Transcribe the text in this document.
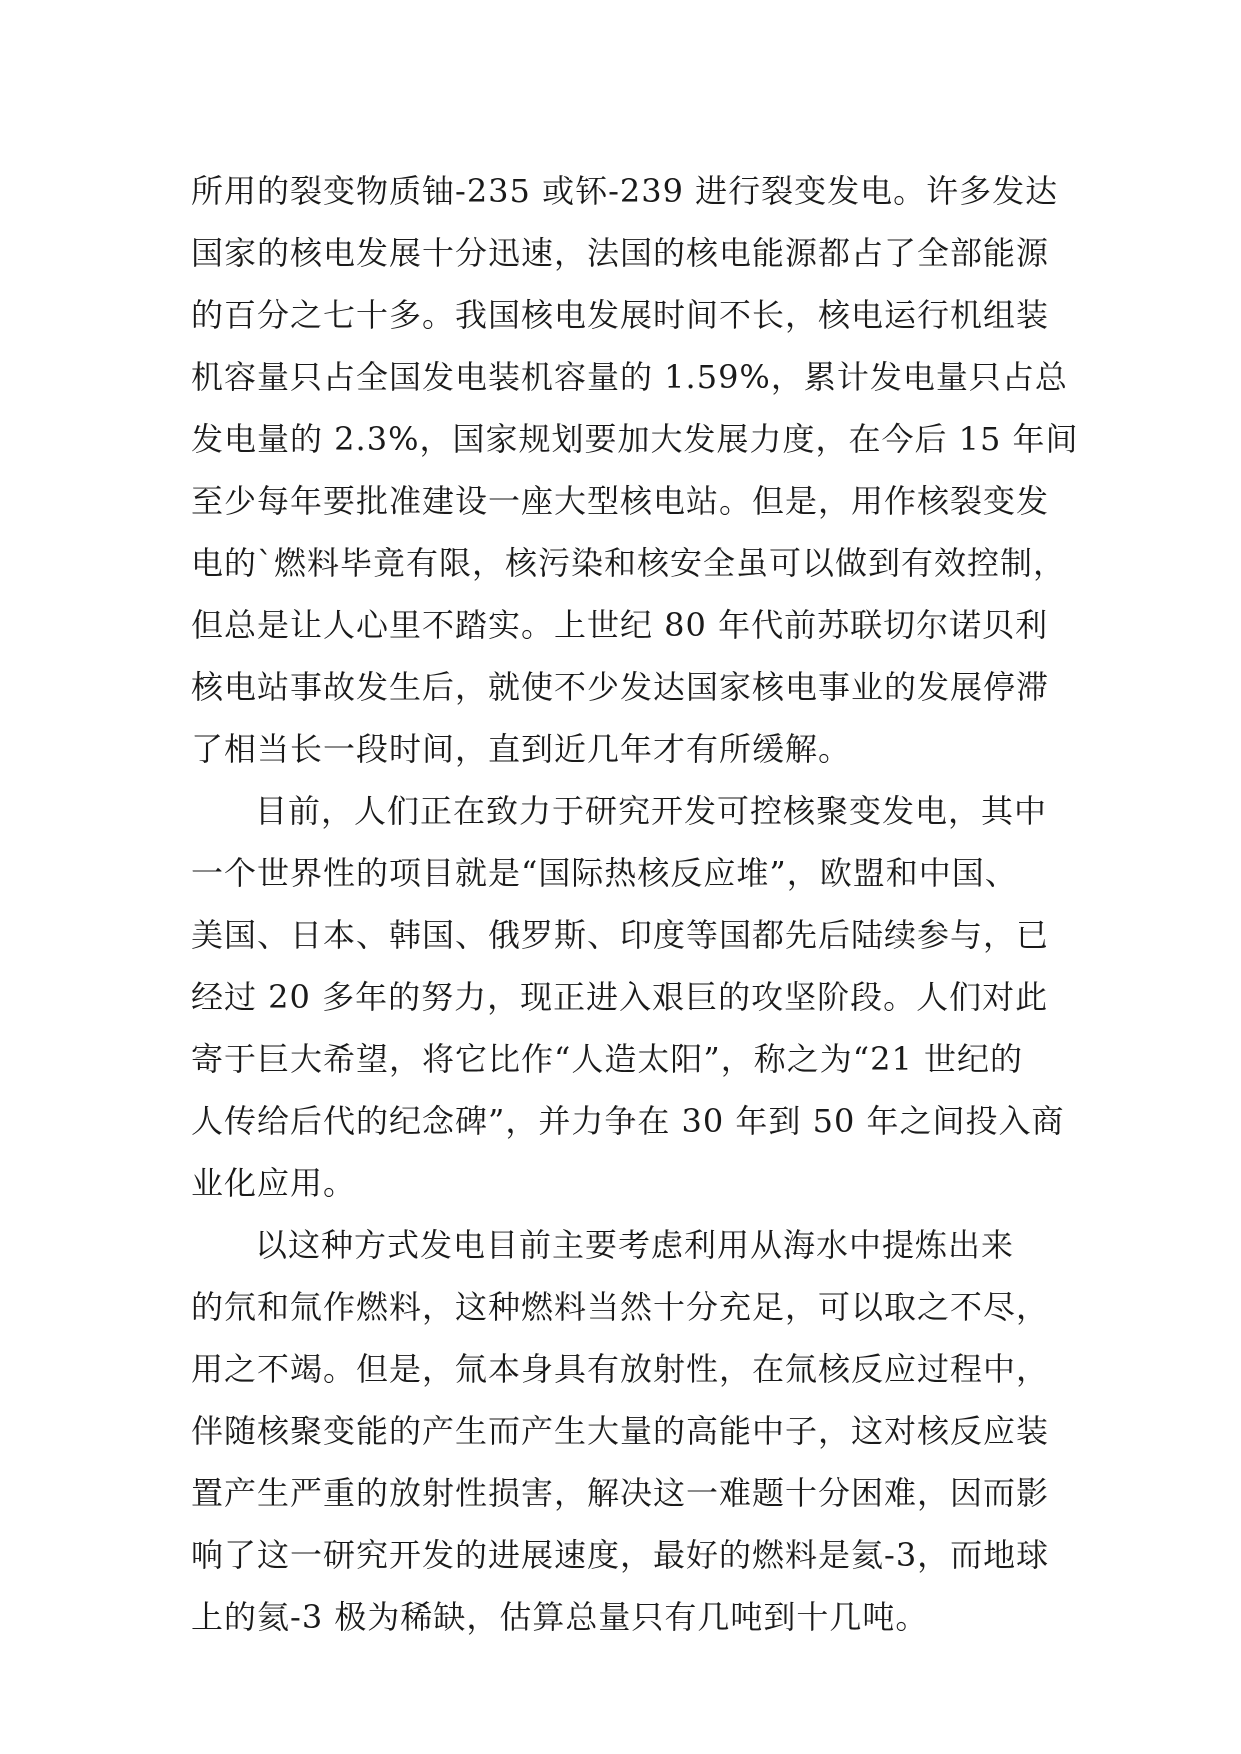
所用的裂变物质铀-235 或钚-239 进行裂变发电。许多发达
国家的核电发展十分迅速，法国的核电能源都占了全部能源
的百分之七十多。我国核电发展时间不长，核电运行机组装
机容量只占全国发电装机容量的 1.59%，累计发电量只占总
发电量的 2.3%，国家规划要加大发展力度，在今后 15 年间
至少每年要批准建设一座大型核电站。但是，用作核裂变发
电的`燃料毕竟有限，核污染和核安全虽可以做到有效控制，
但总是让人心里不踏实。上世纪 80 年代前苏联切尔诺贝利
核电站事故发生后，就使不少发达国家核电事业的发展停滞
了相当长一段时间，直到近几年才有所缓解。
目前，人们正在致力于研究开发可控核聚变发电，其中
一个世界性的项目就是“国际热核反应堆”，欧盟和中国、
美国、日本、韩国、俄罗斯、印度等国都先后陆续参与，已
经过 20 多年的努力，现正进入艰巨的攻坚阶段。人们对此
寄于巨大希望，将它比作“人造太阳”，称之为“21 世纪的
人传给后代的纪念碑”，并力争在 30 年到 50 年之间投入商
业化应用。
以这种方式发电目前主要考虑利用从海水中提炼出来
的氘和氚作燃料，这种燃料当然十分充足，可以取之不尽，
用之不竭。但是，氚本身具有放射性，在氚核反应过程中，
伴随核聚变能的产生而产生大量的高能中子，这对核反应装
置产生严重的放射性损害，解决这一难题十分困难，因而影
响了这一研究开发的进展速度，最好的燃料是氦-3，而地球
上的氦-3 极为稀缺，估算总量只有几吨到十几吨。
